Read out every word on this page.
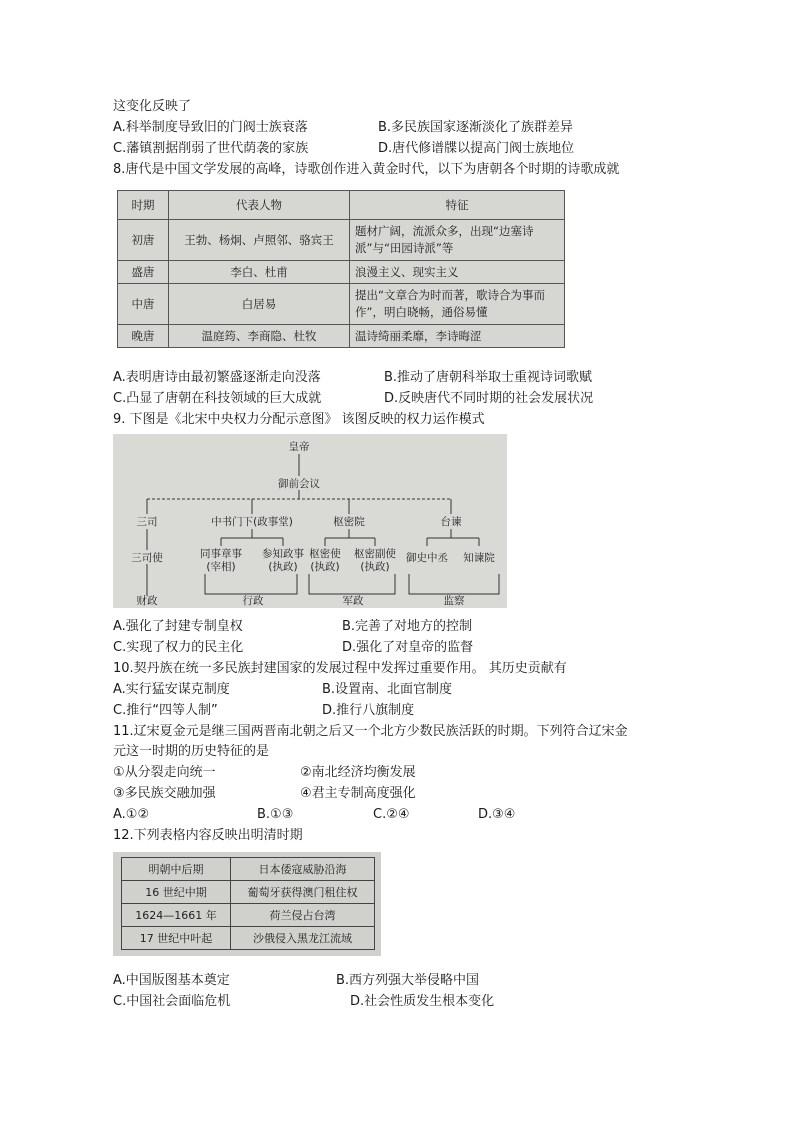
这变化反映了
A.科举制度导致旧的门阀士族衰落	B.多民族国家逐渐淡化了族群差异
C.藩镇割据削弱了世代荫袭的家族	D.唐代修谱牒以提高门阀士族地位
8.唐代是中国文学发展的高峰，诗歌创作进入黄金时代，以下为唐朝各个时期的诗歌成就
时期	代表人物	特征
初唐	王勃、杨炯、卢照邻、骆宾王	题材广阔，流派众多，出现“边塞诗派”与“田园诗派”等
盛唐	李白、杜甫	浪漫主义、现实主义
中唐	白居易	提出“文章合为时而著，歌诗合为事而作”，明白晓畅，通俗易懂
晚唐	温庭筠、李商隐、杜牧	温诗绮丽柔靡，李诗晦涩
A.表明唐诗由最初繁盛逐渐走向没落	B.推动了唐朝科举取士重视诗词歌赋
C.凸显了唐朝在科技领域的巨大成就	D.反映唐代不同时期的社会发展状况
9. 下图是《北宋中央权力分配示意图》 该图反映的权力运作模式
皇帝
御前会议
三司	中书门下(政事堂)	枢密院	台谏
三司使	同事章事
(宰相)
参知政事
(执政)
枢密使
(执政)
枢密副使
(执政)
御史中丞 知谏院
财政	行政	军政	监察
A.强化了封建专制皇权	B.完善了对地方的控制
C.实现了权力的民主化	D.强化了对皇帝的监督
10.契丹族在统一多民族封建国家的发展过程中发挥过重要作用。 其历史贡献有
A.实行猛安谋克制度	B.设置南、北面官制度
C.推行“四等人制”	D.推行八旗制度
11.辽宋夏金元是继三国两晋南北朝之后又一个北方少数民族活跃的时期。下列符合辽宋金
元这一时期的历史特征的是
①从分裂走向统一	②南北经济均衡发展
③多民族交融加强	④君主专制高度强化
A.①②	B.①③	C.②④	D.③④
12.下列表格内容反映出明清时期
明朝中后期	日本倭寇威胁沿海
16 世纪中期	葡萄牙获得澳门租住权
1624—1661 年	荷兰侵占台湾
17 世纪中叶起	沙俄侵入黑龙江流域
A.中国版图基本奠定	B.西方列强大举侵略中国
C.中国社会面临危机	D.社会性质发生根本变化
